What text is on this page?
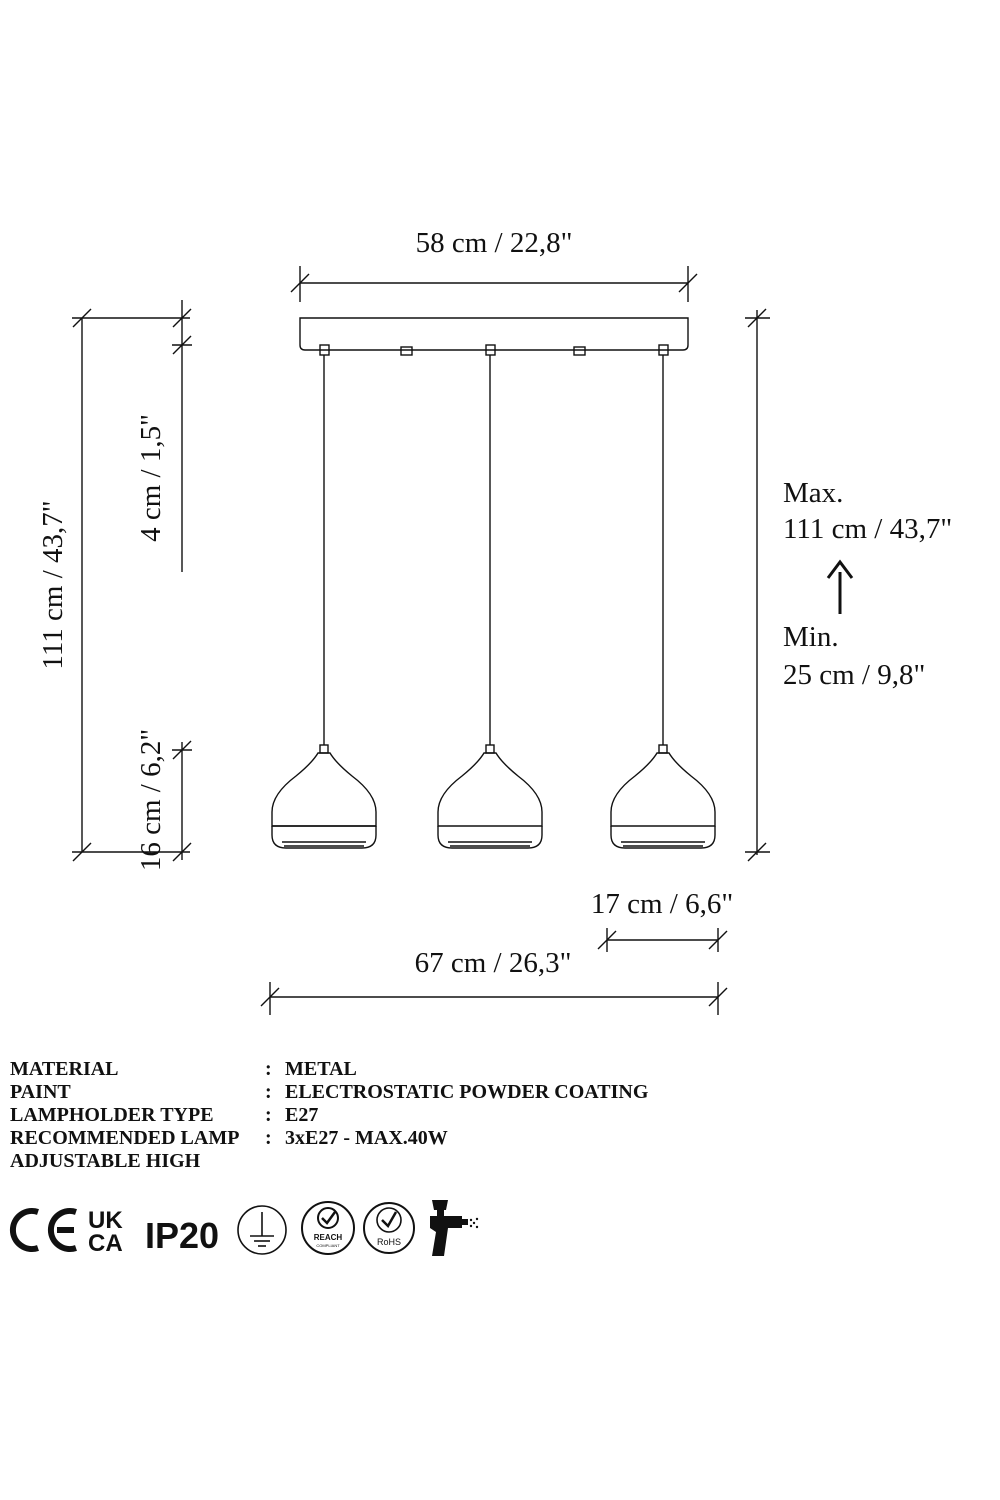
58 cm / 22,8"
111 cm / 43,7"
4 cm / 1,5"
16 cm / 6,2"
Max.
111 cm / 43,7"
Min.
25 cm / 9,8"
17 cm / 6,6"
67 cm / 26,3"
MATERIAL	: METAL
PAINT	: ELECTROSTATIC POWDER COATING
LAMPHOLDER TYPE	: E27
RECOMMENDED LAMP	: 3xE27 - MAX.40W
ADJUSTABLE HIGH
UK
CA IP20	REACH
COMPLIANT	RoHS
